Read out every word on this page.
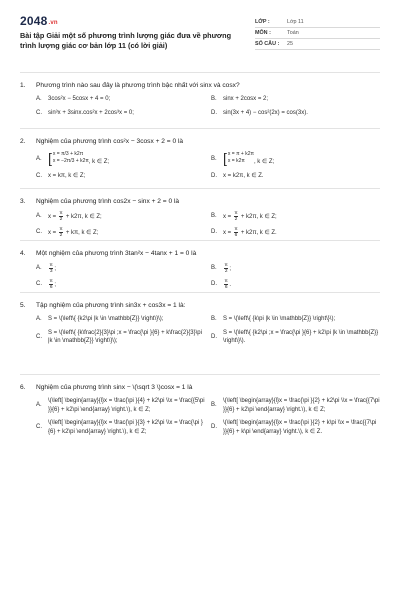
2048.vn
Bài tập Giải một số phương trình lượng giác đưa về phương trình lượng giác cơ bản lớp 11 (có lời giải)
LỚP :	Lớp 11
MÔN :	Toán
SỐ CÂU :	25
1.	Phương trình nào sau đây là phương trình bậc nhất với sinx và cosx?
A.	3cos²x − 5cosx + 4 = 0;	B.	sinx + 2cosx = 2;
C.	sin³x + 3sinx.cos²x + 2cos³x = 0;	D.	sin(3x + 4) − cos²(2x) = cos(3x).
2.	Nghiệm của phương trình cos²x − 3cosx + 2 = 0 là
A. [ x = π/3 + k2π
x = −2π/3 + k2π , k ∈ Z;
B. [ x = π + k2π
x = k2π	, k ∈ Z;
C.	x = kπ, k ∈ Z;	D.	x = k2π, k ∈ Z.
3.	Nghiệm của phương trình cos2x − sinx + 2 = 0 là
A.	$x = \frac{\pi}{2} + k2\pi$, k ∈ Z;	B.	$x = \frac{\pi}{2} + k2\pi$, k ∈ Z;
C.	$x = \frac{\pi}{2} + k\pi$, k ∈ Z;	D.	$x = \frac{\pi}{6} + k2\pi$, k ∈ Z.
4.	Một nghiệm của phương trình 3tan²x − 4tanx + 1 = 0 là
A.	$\frac{\pi}{3}$ ;	B.	$\frac{\pi}{2}$ ;
C.	$\frac{\pi}{6}$ ;	D.	$\frac{\pi}{6}$ .
5.	Tập nghiệm của phương trình sin3x + cos3x = 1 là:
A.	S = \(\left\{ {k2\pi |k \in \mathbb{Z}} \right\}\);	B.	S = \(\left\{ {k\pi |k \in \mathbb{Z}} \right\}\);
C.
S = \(\left\{ {k\frac{2}{3}\pi ;x = \frac{\pi }{6} + k\frac{2}{3}\pi |k \in \mathbb{Z}} \right\}\);
D.
S = \(\left\{ {k2\pi ;x = \frac{\pi }{6} + k2\pi |k \in \mathbb{Z}} \right\}\).
6.	Nghiệm của phương trình sinx − \(\sqrt 3 \)cosx = 1 là
A.
\(\left[ \begin{array}{l}x = \frac{\pi }{4} + k2\pi \\x = \frac{{5\pi }}{6} + k2\pi \end{array} \right.\), k ∈ Z;
B.
\(\left[ \begin{array}{l}x = \frac{\pi }{2} + k2\pi \\x = \frac{{7\pi }}{6} + k2\pi \end{array} \right.\), k ∈ Z;
C.
\(\left[ \begin{array}{l}x = \frac{\pi }{3} + k2\pi \\x = \frac{\pi }{6} + k2\pi \end{array} \right.\), k ∈ Z;
D.
\(\left[ \begin{array}{l}x = \frac{\pi }{2} + k\pi \\x = \frac{{7\pi }}{6} + k\pi \end{array} \right.\), k ∈ Z.
